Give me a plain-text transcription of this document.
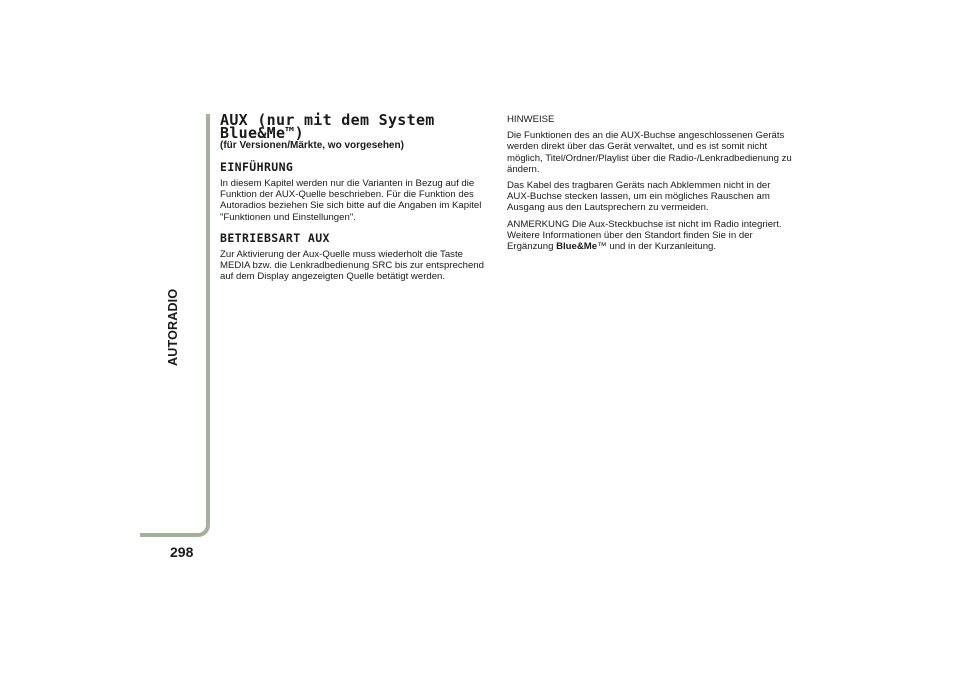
AUTORADIO
298
AUX (nur mit dem System
Blue&Me™)
(für Versionen/Märkte, wo vorgesehen)
EINFÜHRUNG

In diesem Kapitel werden nur die Varianten in Bezug auf die Funktion der AUX-Quelle beschrieben. Für die Funktion des Autoradios beziehen Sie sich bitte auf die Angaben im Kapitel "Funktionen und Einstellungen".

BETRIEBSART AUX

Zur Aktivierung der Aux-Quelle muss wiederholt die Taste MEDIA bzw. die Lenkradbedienung SRC bis zur entsprechend auf dem Display angezeigten Quelle betätigt werden.

HINWEISE

Die Funktionen des an die AUX-Buchse angeschlossenen Geräts werden direkt über das Gerät verwaltet, und es ist somit nicht möglich, Titel/Ordner/Playlist über die Radio-/Lenkradbedienung zu ändern.

Das Kabel des tragbaren Geräts nach Abklemmen nicht in der AUX-Buchse stecken lassen, um ein mögliches Rauschen am Ausgang aus den Lautsprechern zu vermeiden.

ANMERKUNG Die Aux-Steckbuchse ist nicht im Radio integriert. Weitere Informationen über den Standort finden Sie in der Ergänzung Blue&Me™ und in der Kurzanleitung.
